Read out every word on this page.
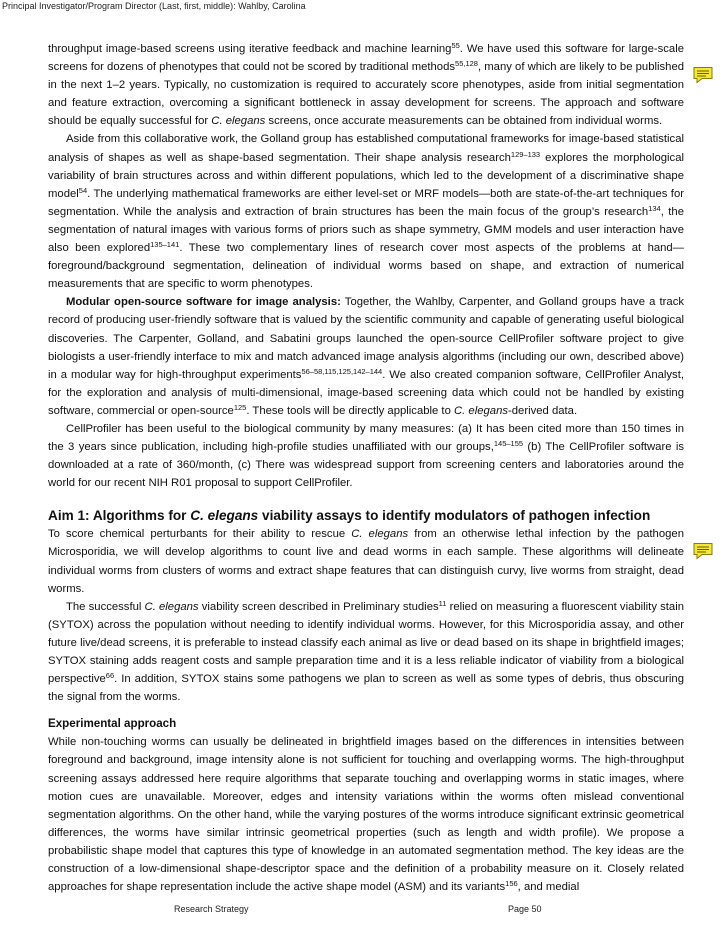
Principal Investigator/Program Director (Last, first, middle): Wahlby, Carolina

throughput image-based screens using iterative feedback and machine learning$^{55}$. We have used this software for large-scale screens for dozens of phenotypes that could not be scored by traditional methods$^{55,128}$, many of which are likely to be published in the next 1–2 years. Typically, no customization is required to accurately score phenotypes, aside from initial segmentation and feature extraction, overcoming a significant bottleneck in assay development for screens. The approach and software should be equally successful for C. elegans screens, once accurate measurements can be obtained from individual worms.

Aside from this collaborative work, the Golland group has established computational frameworks for image-based statistical analysis of shapes as well as shape-based segmentation. Their shape analysis research$^{129-133}$ explores the morphological variability of brain structures across and within different populations, which led to the development of a discriminative shape model$^{54}$. The underlying mathematical frameworks are either level-set or MRF models—both are state-of-the-art techniques for segmentation. While the analysis and extraction of brain structures has been the main focus of the group’s research$^{134}$, the segmentation of natural images with various forms of priors such as shape symmetry, GMM models and user interaction have also been explored$^{135-141}$. These two complementary lines of research cover most aspects of the problems at hand—foreground/background segmentation, delineation of individual worms based on shape, and extraction of numerical measurements that are specific to worm phenotypes.

Modular open-source software for image analysis: Together, the Wahlby, Carpenter, and Golland groups have a track record of producing user-friendly software that is valued by the scientific community and capable of generating useful biological discoveries. The Carpenter, Golland, and Sabatini groups launched the open-source CellProfiler software project to give biologists a user-friendly interface to mix and match advanced image analysis algorithms (including our own, described above) in a modular way for high-throughput experiments$^{56-58,115,125,142-144}$. We also created companion software, CellProfiler Analyst, for the exploration and analysis of multi-dimensional, image-based screening data which could not be handled by existing software, commercial or open-source$^{125}$. These tools will be directly applicable to C. elegans-derived data.

CellProfiler has been useful to the biological community by many measures: (a) It has been cited more than 150 times in the 3 years since publication, including high-profile studies unaffiliated with our groups,$^{145-155}$ (b) The CellProfiler software is downloaded at a rate of 360/month, (c) There was widespread support from screening centers and laboratories around the world for our recent NIH R01 proposal to support CellProfiler.

Aim 1: Algorithms for C. elegans viability assays to identify modulators of pathogen infection

To score chemical perturbants for their ability to rescue C. elegans from an otherwise lethal infection by the pathogen Microsporidia, we will develop algorithms to count live and dead worms in each sample. These algorithms will delineate individual worms from clusters of worms and extract shape features that can distinguish curvy, live worms from straight, dead worms.

The successful C. elegans viability screen described in Preliminary studies$^{11}$ relied on measuring a fluorescent viability stain (SYTOX) across the population without needing to identify individual worms. However, for this Microsporidia assay, and other future live/dead screens, it is preferable to instead classify each animal as live or dead based on its shape in brightfield images; SYTOX staining adds reagent costs and sample preparation time and it is a less reliable indicator of viability from a biological perspective$^{66}$. In addition, SYTOX stains some pathogens we plan to screen as well as some types of debris, thus obscuring the signal from the worms.

Experimental approach

While non-touching worms can usually be delineated in brightfield images based on the differences in intensities between foreground and background, image intensity alone is not sufficient for touching and overlapping worms. The high-throughput screening assays addressed here require algorithms that separate touching and overlapping worms in static images, where motion cues are unavailable. Moreover, edges and intensity variations within the worms often mislead conventional segmentation algorithms. On the other hand, while the varying postures of the worms introduce significant extrinsic geometrical differences, the worms have similar intrinsic geometrical properties (such as length and width profile). We propose a probabilistic shape model that captures this type of knowledge in an automated segmentation method. The key ideas are the construction of a low-dimensional shape-descriptor space and the definition of a probability measure on it. Closely related approaches for shape representation include the active shape model (ASM) and its variants$^{156}$, and medial

Research Strategy	Page 50
